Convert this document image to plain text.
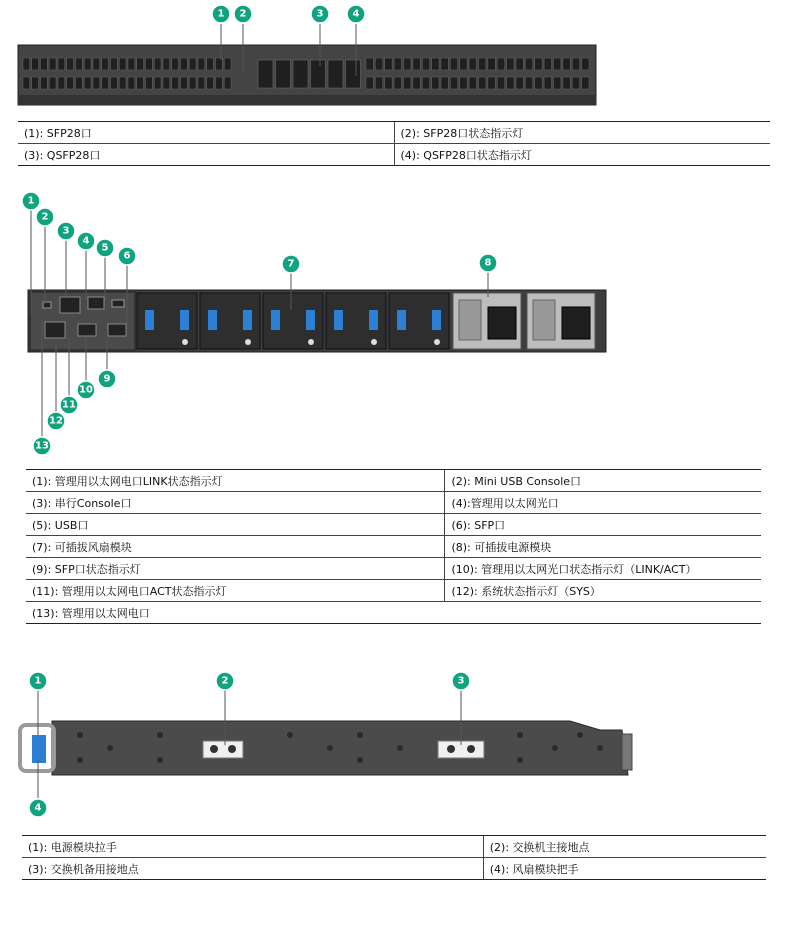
1 2	3	4
(1): SFP28口	(2): SFP28口状态指示灯
(3): QSFP28口	(4): QSFP28口状态指示灯
1
2
3
4
5
6
7	8
9
10
11
12
13
(1): 管理用以太网电口LINK状态指示灯	(2): Mini USB Console口
(3): 串行Console口	(4):管理用以太网光口
(5): USB口	(6): SFP口
(7): 可插拔风扇模块	(8): 可插拔电源模块
(9): SFP口状态指示灯	(10): 管理用以太网光口状态指示灯（LINK/ACT）
(11): 管理用以太网电口ACT状态指示灯	(12): 系统状态指示灯（SYS）
(13): 管理用以太网电口	
1	2	3
4
(1): 电源模块拉手	(2): 交换机主接地点
(3): 交换机备用接地点	(4): 风扇模块把手
